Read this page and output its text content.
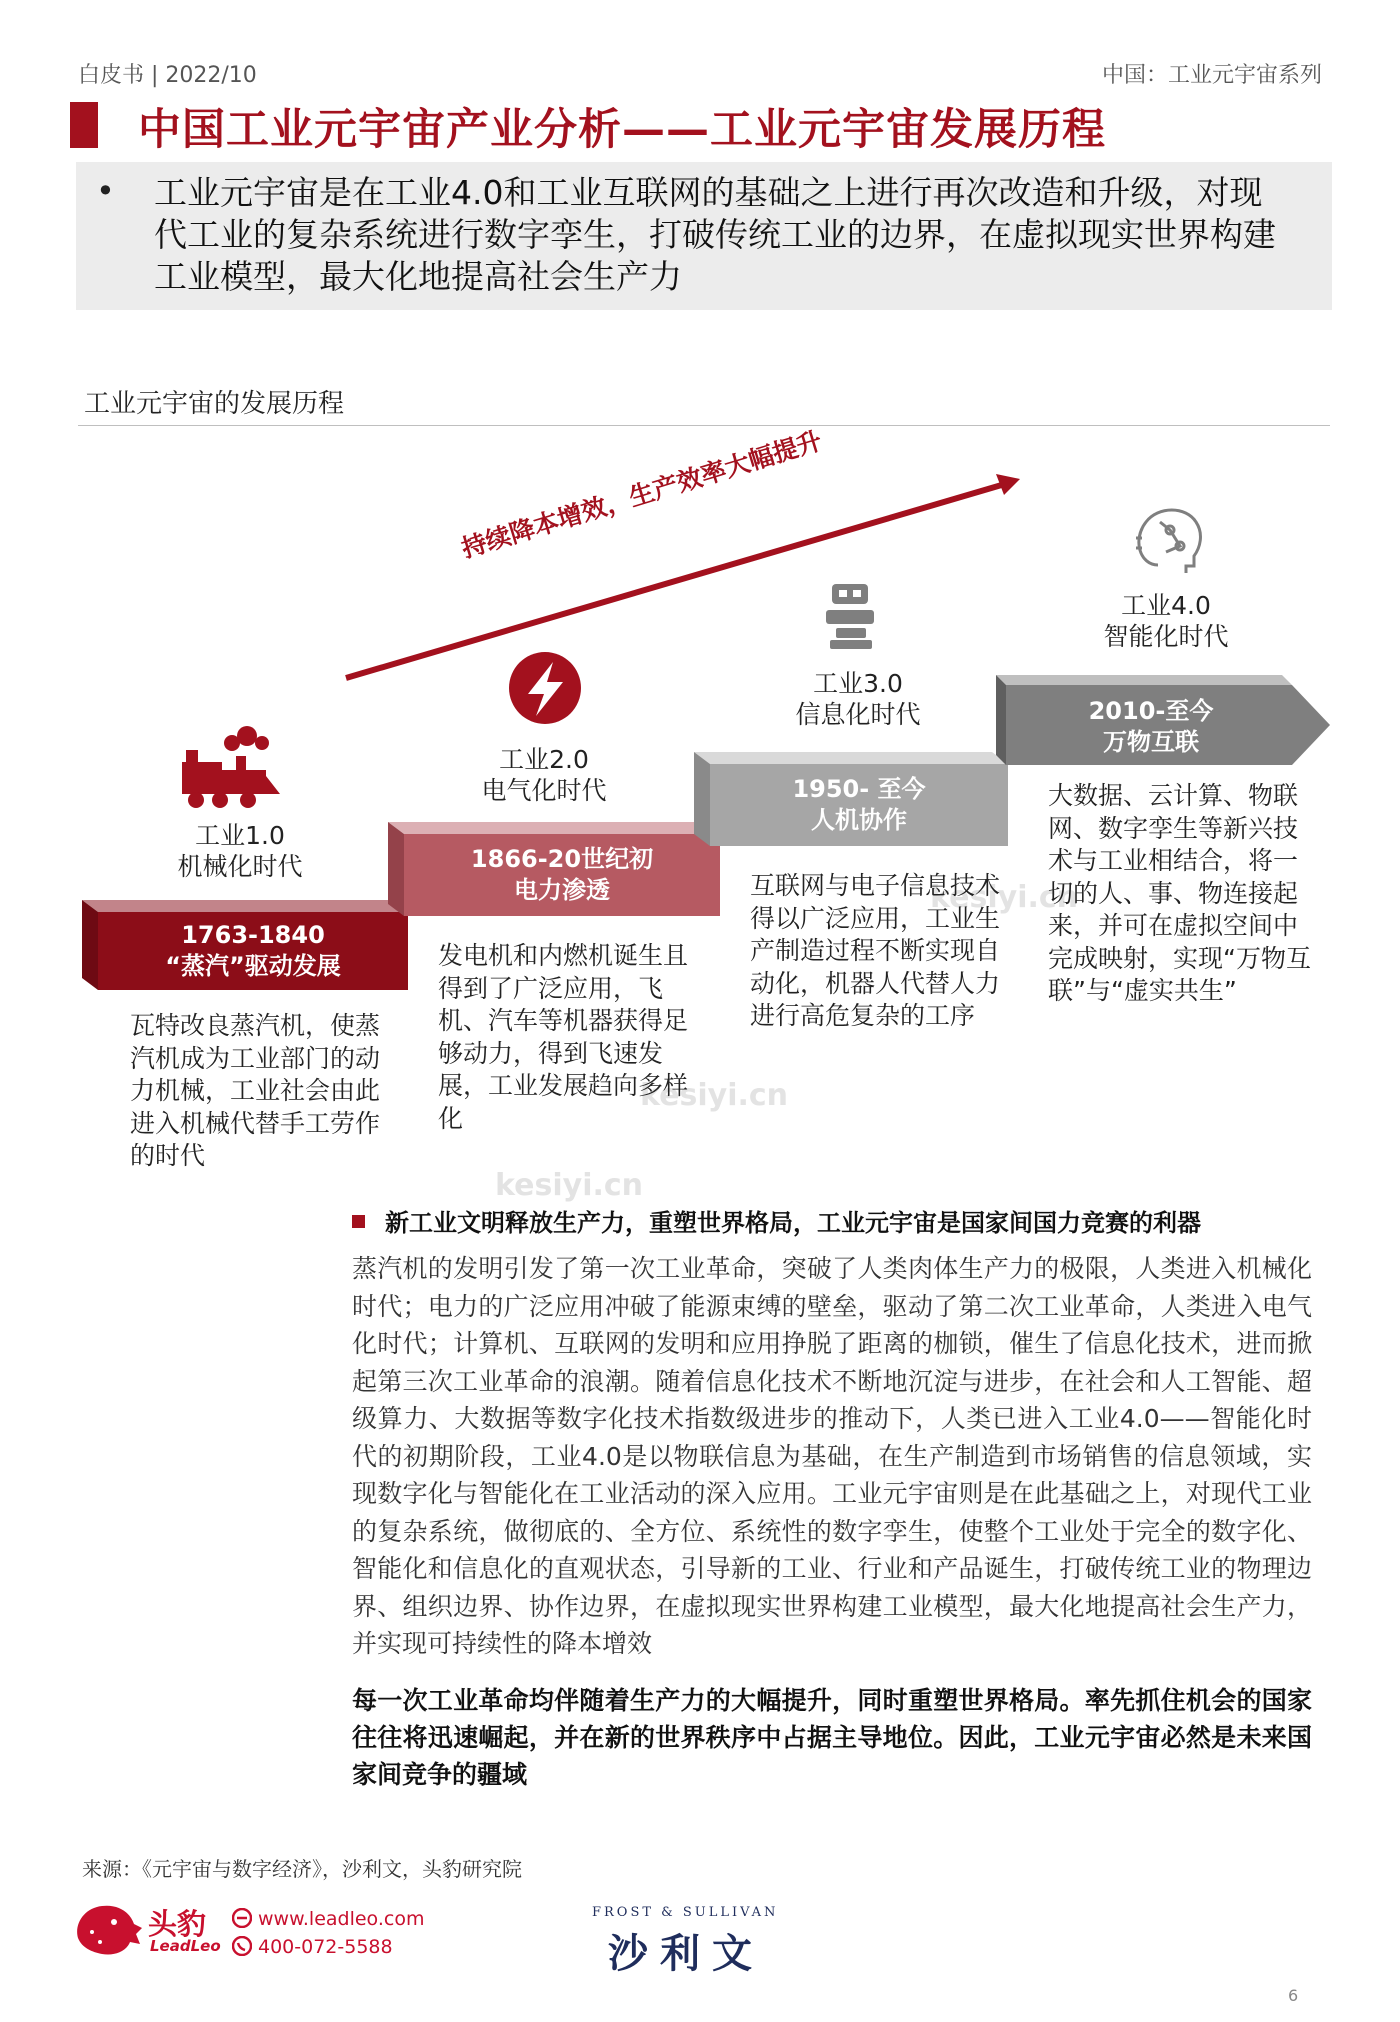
白皮书 | 2022/10	中国：工业元宇宙系列
中国工业元宇宙产业分析——工业元宇宙发展历程
• 工业元宇宙是在工业4.0和工业互联网的基础之上进行再次改造和升级，对现代工业的复杂系统进行数字孪生，打破传统工业的边界，在虚拟现实世界构建工业模型，最大化地提高社会生产力
工业元宇宙的发展历程
持续降本增效，生产效率大幅提升
工业1.0
机械化时代
工业2.0
电气化时代
工业3.0
信息化时代
工业4.0
智能化时代
1763-1840
“蒸汽”驱动发展
1866-20世纪初
电力渗透
1950- 至今
人机协作
2010-至今
万物互联
kesiyi.cn
kesiyi.cn
kesiyi.cn
瓦特改良蒸汽机，使蒸汽机成为工业部门的动力机械，工业社会由此进入机械代替手工劳作的时代
发电机和内燃机诞生且得到了广泛应用，飞机、汽车等机器获得足够动力，得到飞速发展，工业发展趋向多样化
互联网与电子信息技术得以广泛应用，工业生产制造过程不断实现自动化，机器人代替人力进行高危复杂的工序
大数据、云计算、物联网、数字孪生等新兴技术与工业相结合，将一切的人、事、物连接起来，并可在虚拟空间中完成映射，实现“万物互联”与“虚实共生”
新工业文明释放生产力，重塑世界格局，工业元宇宙是国家间国力竞赛的利器
蒸汽机的发明引发了第一次工业革命，突破了人类肉体生产力的极限，人类进入机械化时代；电力的广泛应用冲破了能源束缚的壁垒，驱动了第二次工业革命，人类进入电气化时代；计算机、互联网的发明和应用挣脱了距离的枷锁，催生了信息化技术，进而掀起第三次工业革命的浪潮。随着信息化技术不断地沉淀与进步，在社会和人工智能、超级算力、大数据等数字化技术指数级进步的推动下，人类已进入工业4.0——智能化时代的初期阶段，工业4.0是以物联信息为基础，在生产制造到市场销售的信息领域，实现数字化与智能化在工业活动的深入应用。工业元宇宙则是在此基础之上，对现代工业的复杂系统，做彻底的、全方位、系统性的数字孪生，使整个工业处于完全的数字化、智能化和信息化的直观状态，引导新的工业、行业和产品诞生，打破传统工业的物理边界、组织边界、协作边界，在虚拟现实世界构建工业模型，最大化地提高社会生产力，并实现可持续性的降本增效
每一次工业革命均伴随着生产力的大幅提升，同时重塑世界格局。率先抓住机会的国家往往将迅速崛起，并在新的世界秩序中占据主导地位。因此，工业元宇宙必然是未来国家间竞争的疆域
来源：《元宇宙与数字经济》，沙利文，头豹研究院
头豹
LeadLeo
www.leadleo.com
400-072-5588
FROST & SULLIVAN
沙利文
6
